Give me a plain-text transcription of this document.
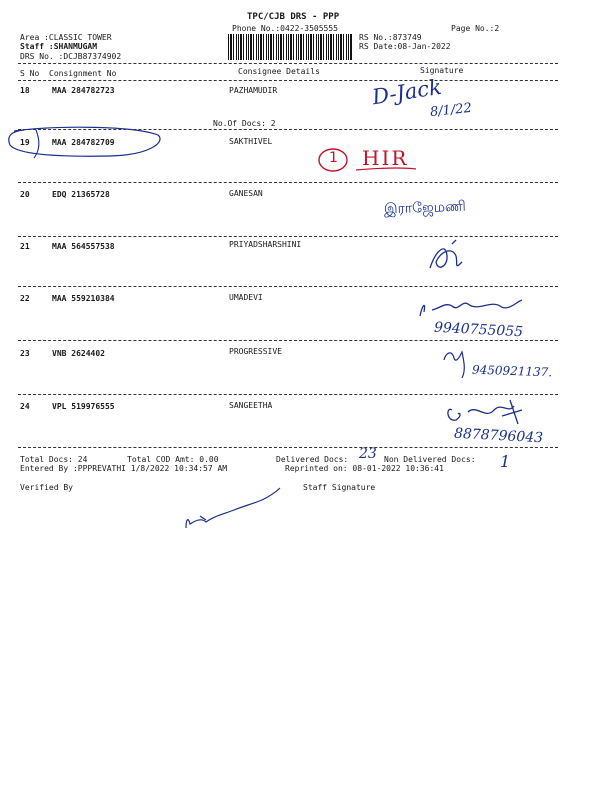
TPC/CJB DRS - PPP
Phone No.:0422-3505555	Page No.:2
Area :CLASSIC TOWER
Staff :SHANMUGAM
DRS No. :DCJB87374902
RS No.:873749
RS Date:08-Jan-2022
S No Consignment No	Consignee Details	Signature
18	MAA 284782723	PAZHAMUDIR
No.Of Docs: 2
19	MAA 284782709	SAKTHIVEL
20	EDQ 21365728	GANESAN
21	MAA 564557538	PRIYADSHARSHINI
22	MAA 559210384	UMADEVI
23	VNB 2624402	PROGRESSIVE
24	VPL 519976555	SANGEETHA
Total Docs: 24	Total COD Amt: 0.00	Delivered Docs:	Non Delivered Docs:
Entered By :PPPREVATHI 1/8/2022 10:34:57 AM	Reprinted on: 08-01-2022 10:36:41
Verified By	Staff Signature
D-Jack
8/1/22
1 HIR
இராஜேமணி
9940755055
9450921137.
8878796043
23	1
